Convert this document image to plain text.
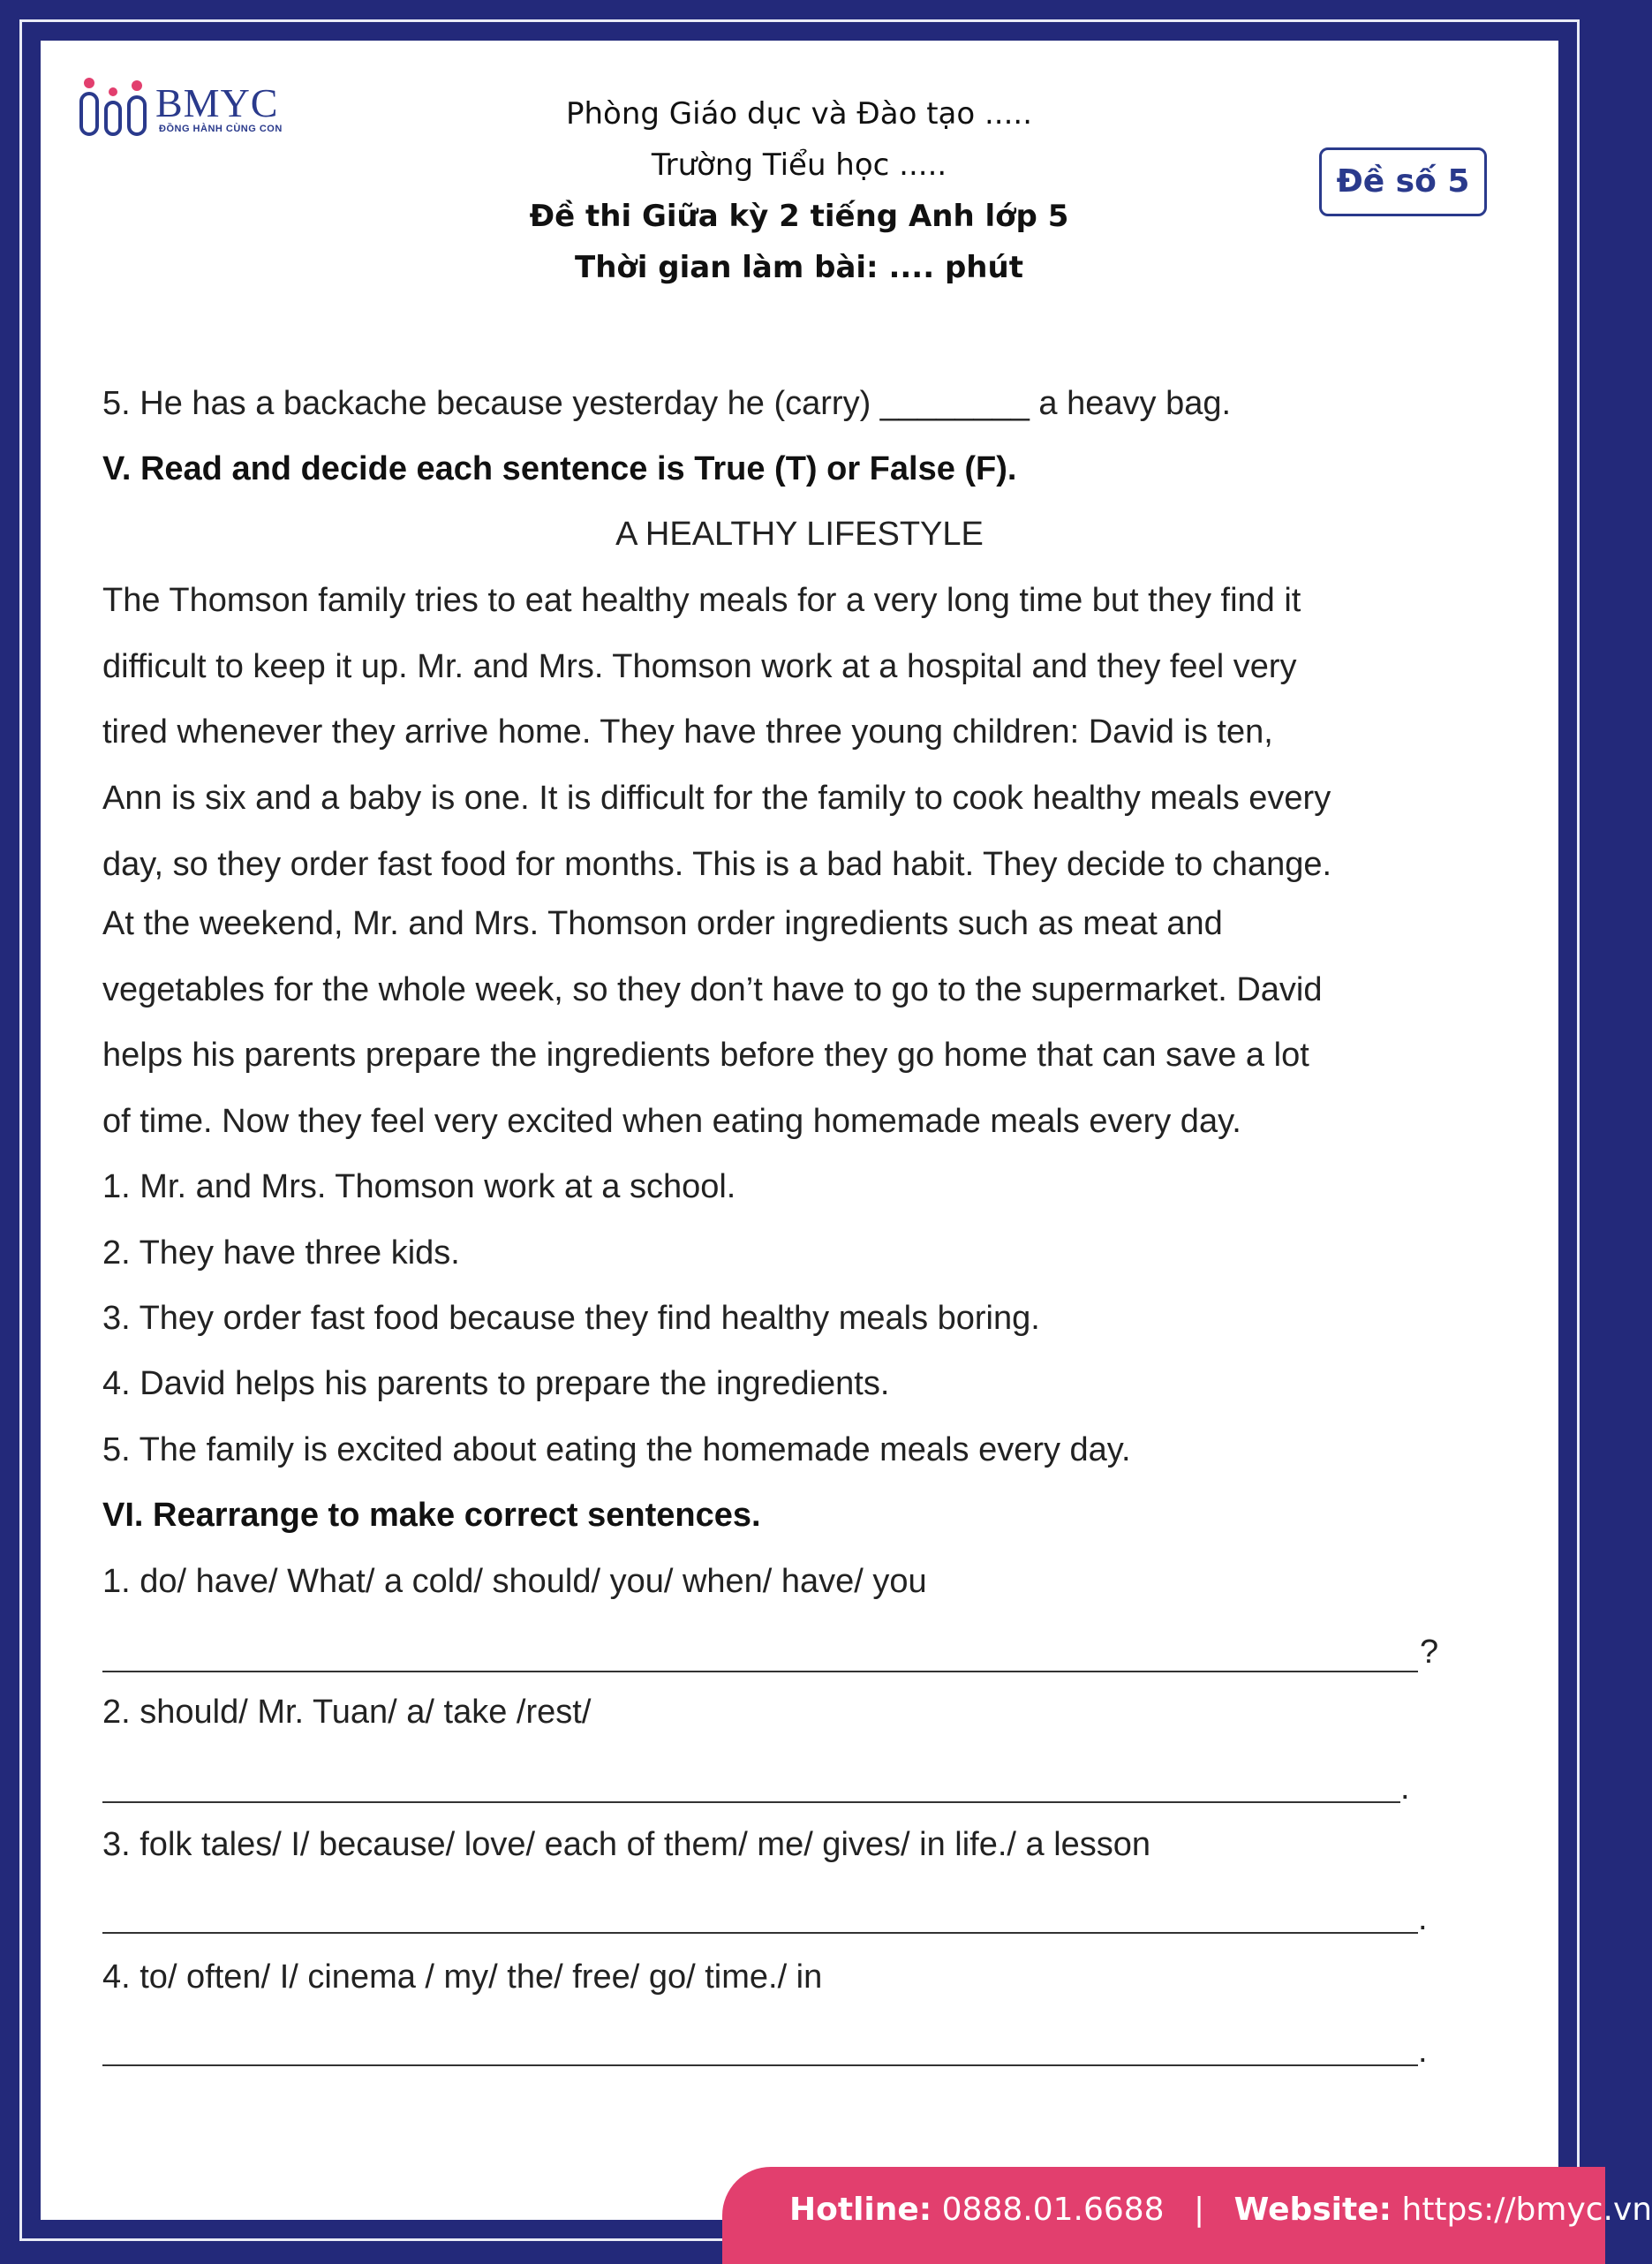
BMYC
ĐỒNG HÀNH CÙNG CON	Phòng Giáo dục và Đào tạo .....
Trường Tiểu học .....
Đề thi Giữa kỳ 2 tiếng Anh lớp 5
Thời gian làm bài: .... phút
Đề số 5
5. He has a backache because yesterday he (carry) ________ a heavy bag.
V. Read and decide each sentence is True (T) or False (F).
A HEALTHY LIFESTYLE
The Thomson family tries to eat healthy meals for a very long time but they find it
difficult to keep it up. Mr. and Mrs. Thomson work at a hospital and they feel very
tired whenever they arrive home. They have three young children: David is ten,
Ann is six and a baby is one. It is difficult for the family to cook healthy meals every
day, so they order fast food for months. This is a bad habit. They decide to change.
At the weekend, Mr. and Mrs. Thomson order ingredients such as meat and
vegetables for the whole week, so they don’t have to go to the supermarket. David
helps his parents prepare the ingredients before they go home that can save a lot
of time. Now they feel very excited when eating homemade meals every day.
1. Mr. and Mrs. Thomson work at a school.
2. They have three kids.
3. They order fast food because they find healthy meals boring.
4. David helps his parents to prepare the ingredients.
5. The family is excited about eating the homemade meals every day.
VI. Rearrange to make correct sentences.
1. do/ have/ What/ a cold/ should/ you/ when/ have/ you
?
2. should/ Mr. Tuan/ a/ take /rest/
.
3. folk tales/ I/ because/ love/ each of them/ me/ gives/ in life./ a lesson
.
4. to/ often/ I/ cinema / my/ the/ free/ go/ time./ in
.
Hotline: 0888.01.6688 | Website: https://bmyc.vn
